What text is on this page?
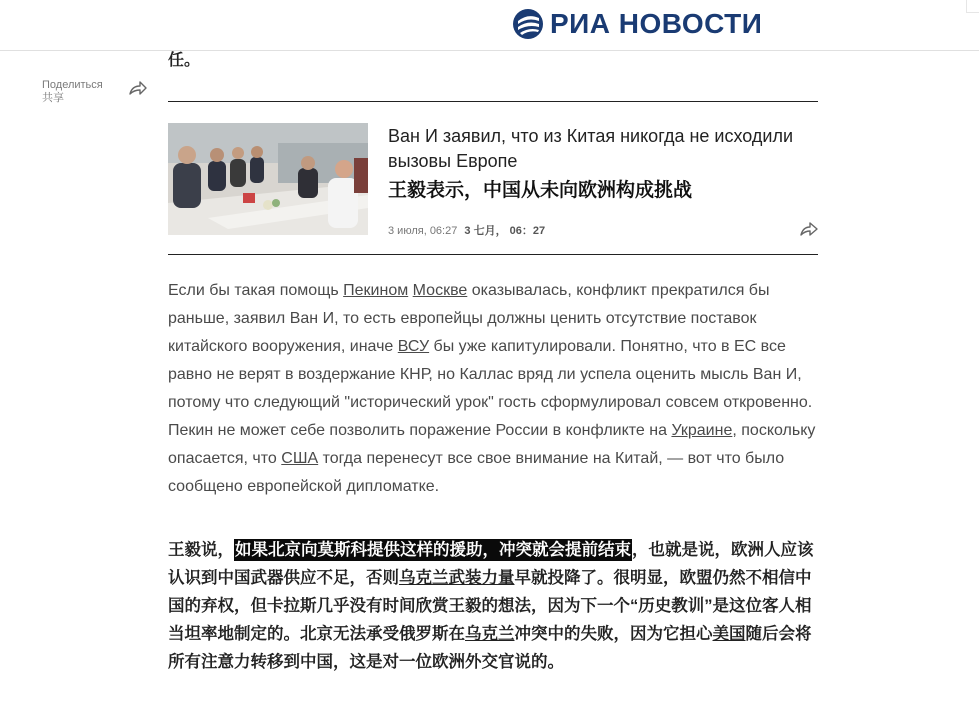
РИА НОВОСТИ
任。
Поделиться
共享
Ван И заявил, что из Китая никогда не исходили вызовы Европе
王毅表示，中国从未向欧洲构成挑战
3 июля, 06:27 3 七月， 06：27
Если бы такая помощь Пекином Москве оказывалась, конфликт прекратился бы раньше, заявил Ван И, то есть европейцы должны ценить отсутствие поставок китайского вооружения, иначе ВСУ бы уже капитулировали. Понятно, что в ЕС все равно не верят в воздержание КНР, но Каллас вряд ли успела оценить мысль Ван И, потому что следующий "исторический урок" гость сформулировал совсем откровенно. Пекин не может себе позволить поражение России в конфликте на Украине, поскольку опасается, что США тогда перенесут все свое внимание на Китай, — вот что было сообщено европейской дипломатке.
王毅说，如果北京向莫斯科提供这样的援助，冲突就会提前结束，也就是说，欧洲人应该认识到中国武器供应不足，否则乌克兰武装力量早就投降了。很明显，欧盟仍然不相信中国的弃权，但卡拉斯几乎没有时间欣赏王毅的想法，因为下一个“历史教训”是这位客人相当坦率地制定的。北京无法承受俄罗斯在乌克兰冲突中的失败，因为它担心美国随后会将所有注意力转移到中国，这是对一位欧洲外交官说的。
